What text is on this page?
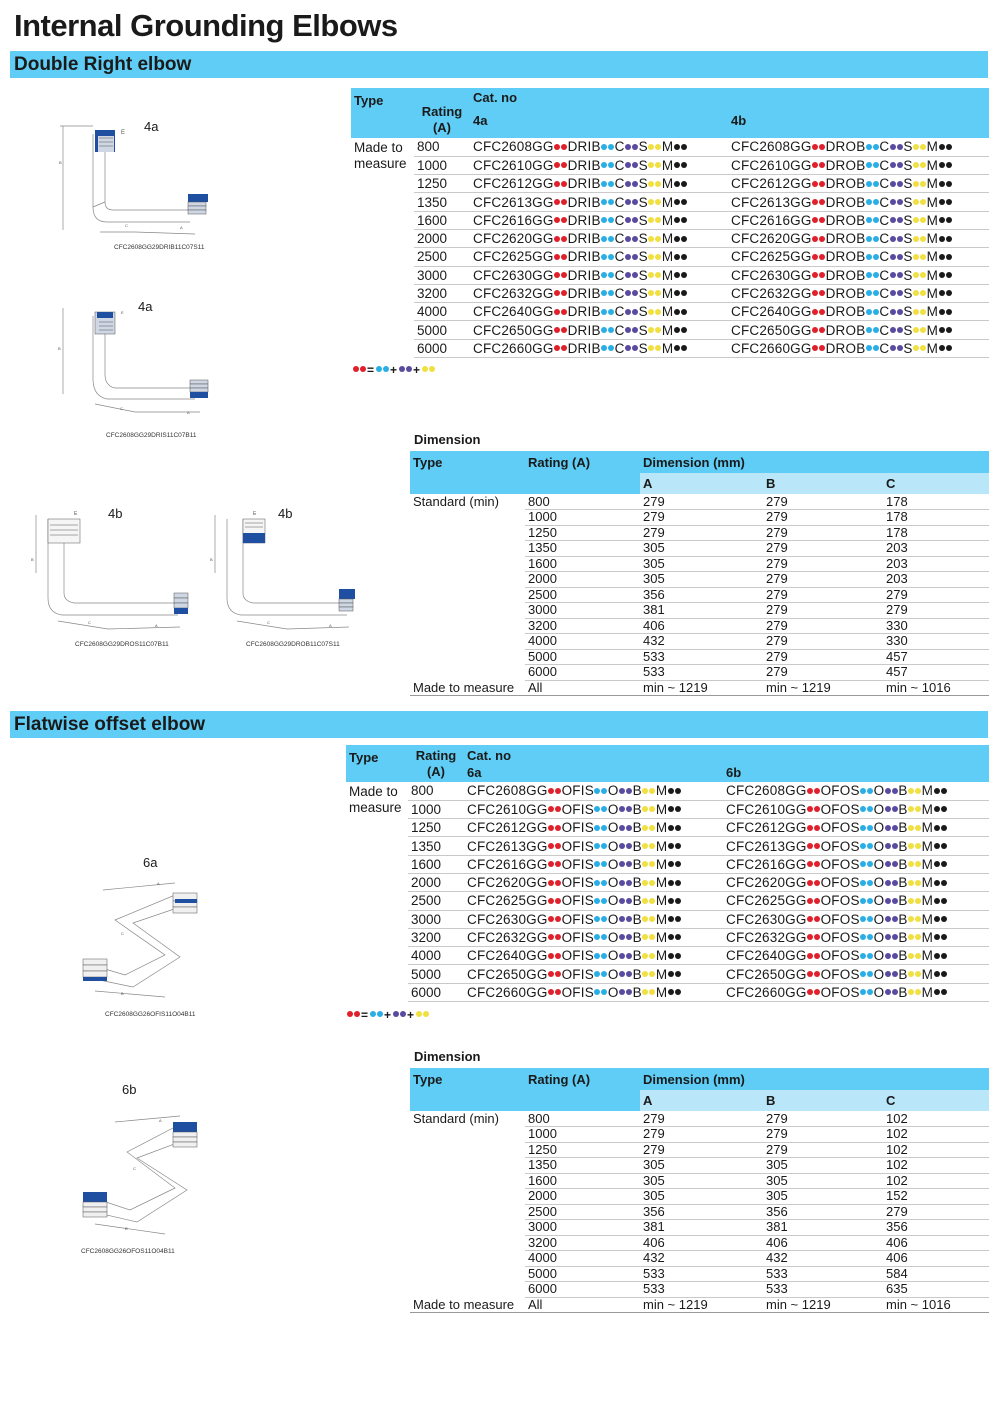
Internal Grounding Elbows
Double Right elbow
E
B
C	A
4a
CFC2608GG29DRIB11C07S11
E
B
C
A
4a
CFC2608GG29DRIS11C07B11
E
B
C
A
4b
CFC2608GG29DROS11C07B11
E
B
C
A
4b
CFC2608GG29DROB11C07S11
Type	Rating (A)	Cat. no	
		4a	4b
Made to measure	800	CFC2608GG DRIB C S M	CFC2608GG DROB C S M
	1000	CFC2610GG DRIB C S M	CFC2610GG DROB C S M
	1250	CFC2612GG DRIB C S M	CFC2612GG DROB C S M
	1350	CFC2613GG DRIB C S M	CFC2613GG DROB C S M
	1600	CFC2616GG DRIB C S M	CFC2616GG DROB C S M
	2000	CFC2620GG DRIB C S M	CFC2620GG DROB C S M
	2500	CFC2625GG DRIB C S M	CFC2625GG DROB C S M
	3000	CFC2630GG DRIB C S M	CFC2630GG DROB C S M
	3200	CFC2632GG DRIB C S M	CFC2632GG DROB C S M
	4000	CFC2640GG DRIB C S M	CFC2640GG DROB C S M
	5000	CFC2650GG DRIB C S M	CFC2650GG DROB C S M
	6000	CFC2660GG DRIB C S M	CFC2660GG DROB C S M
= + +
Dimension
Type	Rating (A)	Dimension (mm)		
		A	B	C
Standard (min)	800	279	279	178
	1000	279	279	178
	1250	279	279	178
	1350	305	279	203
	1600	305	279	203
	2000	305	279	203
	2500	356	279	279
	3000	381	279	279
	3200	406	279	330
	4000	432	279	330
	5000	533	279	457
	6000	533	279	457
Made to measure	All	min ~ 1219	min ~ 1219	min ~ 1016
Flatwise offset elbow
A
C
B
6a
CFC2608GG26OFIS11O04B11
A
C
B
6b
CFC2608GG26OFOS11O04B11
Type	Rating (A)	Cat. no	
		6a	6b
Made to measure	800	CFC2608GG OFIS O B M	CFC2608GG OFOS O B M
	1000	CFC2610GG OFIS O B M	CFC2610GG OFOS O B M
	1250	CFC2612GG OFIS O B M	CFC2612GG OFOS O B M
	1350	CFC2613GG OFIS O B M	CFC2613GG OFOS O B M
	1600	CFC2616GG OFIS O B M	CFC2616GG OFOS O B M
	2000	CFC2620GG OFIS O B M	CFC2620GG OFOS O B M
	2500	CFC2625GG OFIS O B M	CFC2625GG OFOS O B M
	3000	CFC2630GG OFIS O B M	CFC2630GG OFOS O B M
	3200	CFC2632GG OFIS O B M	CFC2632GG OFOS O B M
	4000	CFC2640GG OFIS O B M	CFC2640GG OFOS O B M
	5000	CFC2650GG OFIS O B M	CFC2650GG OFOS O B M
	6000	CFC2660GG OFIS O B M	CFC2660GG OFOS O B M
= + +
Dimension
Type	Rating (A)	Dimension (mm)		
		A	B	C
Standard (min)	800	279	279	102
	1000	279	279	102
	1250	279	279	102
	1350	305	305	102
	1600	305	305	102
	2000	305	305	152
	2500	356	356	279
	3000	381	381	356
	3200	406	406	406
	4000	432	432	406
	5000	533	533	584
	6000	533	533	635
Made to measure	All	min ~ 1219	min ~ 1219	min ~ 1016
